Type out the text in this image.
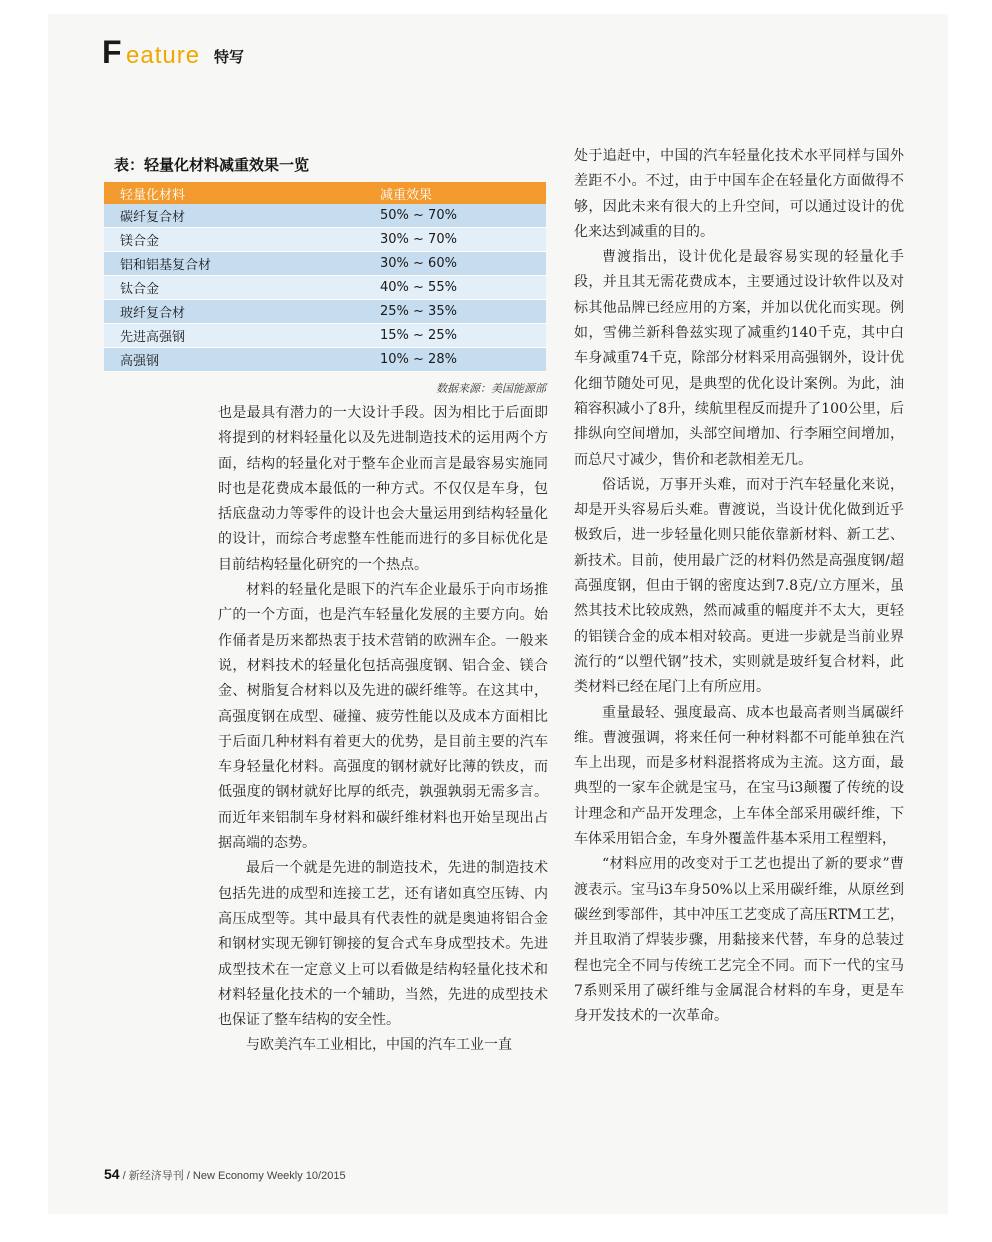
F eature 特写
表：轻量化材料减重效果一览
轻量化材料	减重效果
碳纤复合材	50% ~ 70%
镁合金	30% ~ 70%
铝和铝基复合材	30% ~ 60%
钛合金	40% ~ 55%
玻纤复合材	25% ~ 35%
先进高强钢	15% ~ 25%
高强钢	10% ~ 28%
数据来源：美国能源部

也是最具有潜力的一大设计手段。因为相比于后面即将提到的材料轻量化以及先进制造技术的运用两个方面，结构的轻量化对于整车企业而言是最容易实施同时也是花费成本最低的一种方式。不仅仅是车身，包括底盘动力等零件的设计也会大量运用到结构轻量化的设计，而综合考虑整车性能而进行的多目标优化是目前结构轻量化研究的一个热点。

材料的轻量化是眼下的汽车企业最乐于向市场推广的一个方面，也是汽车轻量化发展的主要方向。始作俑者是历来都热衷于技术营销的欧洲车企。一般来说，材料技术的轻量化包括高强度钢、铝合金、镁合金、树脂复合材料以及先进的碳纤维等。在这其中，高强度钢在成型、碰撞、疲劳性能以及成本方面相比于后面几种材料有着更大的优势，是目前主要的汽车车身轻量化材料。高强度的钢材就好比薄的铁皮，而低强度的钢材就好比厚的纸壳，孰强孰弱无需多言。而近年来铝制车身材料和碳纤维材料也开始呈现出占据高端的态势。

最后一个就是先进的制造技术，先进的制造技术包括先进的成型和连接工艺，还有诸如真空压铸、内高压成型等。其中最具有代表性的就是奥迪将铝合金和钢材实现无铆钉铆接的复合式车身成型技术。先进成型技术在一定意义上可以看做是结构轻量化技术和材料轻量化技术的一个辅助，当然，先进的成型技术也保证了整车结构的安全性。

与欧美汽车工业相比，中国的汽车工业一直

处于追赶中，中国的汽车轻量化技术水平同样与国外差距不小。不过，由于中国车企在轻量化方面做得不够，因此未来有很大的上升空间，可以通过设计的优化来达到减重的目的。

曹渡指出，设计优化是最容易实现的轻量化手段，并且其无需花费成本，主要通过设计软件以及对标其他品牌已经应用的方案，并加以优化而实现。例如，雪佛兰新科鲁兹实现了减重约140千克，其中白车身减重74千克，除部分材料采用高强钢外，设计优化细节随处可见，是典型的优化设计案例。为此，油箱容积减小了8升，续航里程反而提升了100公里，后排纵向空间增加，头部空间增加、行李厢空间增加，而总尺寸减少，售价和老款相差无几。

俗话说，万事开头难，而对于汽车轻量化来说，却是开头容易后头难。曹渡说，当设计优化做到近乎极致后，进一步轻量化则只能依靠新材料、新工艺、新技术。目前，使用最广泛的材料仍然是高强度钢/超高强度钢，但由于钢的密度达到7.8克/立方厘米，虽然其技术比较成熟，然而减重的幅度并不太大，更轻的铝镁合金的成本相对较高。更进一步就是当前业界流行的“以塑代钢”技术，实则就是玻纤复合材料，此类材料已经在尾门上有所应用。

重量最轻、强度最高、成本也最高者则当属碳纤维。曹渡强调，将来任何一种材料都不可能单独在汽车上出现，而是多材料混搭将成为主流。这方面，最典型的一家车企就是宝马，在宝马i3颠覆了传统的设计理念和产品开发理念，上车体全部采用碳纤维，下车体采用铝合金，车身外覆盖件基本采用工程塑料，

“材料应用的改变对于工艺也提出了新的要求”曹渡表示。宝马i3车身50%以上采用碳纤维，从原丝到碳丝到零部件，其中冲压工艺变成了高压RTM工艺，并且取消了焊装步骤，用黏接来代替，车身的总装过程也完全不同与传统工艺完全不同。而下一代的宝马7系则采用了碳纤维与金属混合材料的车身，更是车身开发技术的一次革命。

54 / 新经济导刊 / New Economy Weekly 10/2015
